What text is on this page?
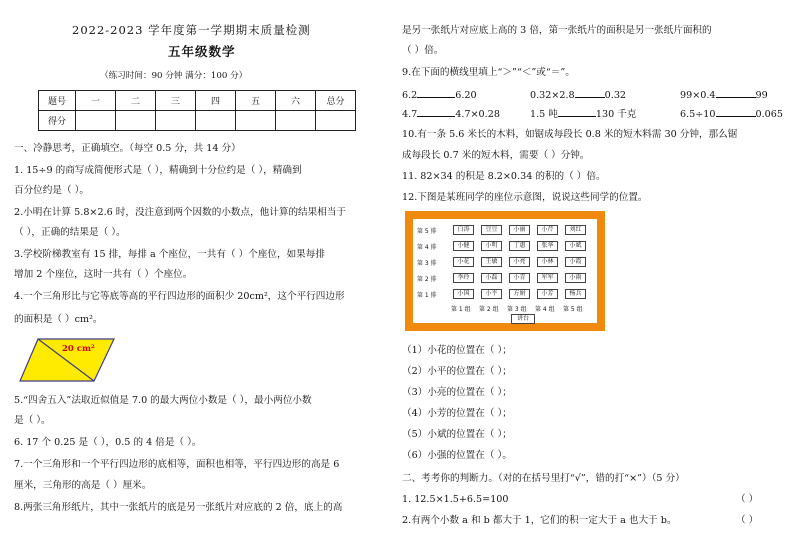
2022-2023 学年度第一学期期末质量检测
五年级数学
（练习时间：90 分钟 满分：100 分）
题号	一	二	三	四	五	六	总分
得分							
一、冷静思考，正确填空。（每空 0.5 分，共 14 分）
1. 15÷9 的商写成简便形式是（ ），精确到十分位约是（ ），精确到
百分位约是（ ）。
2.小明在计算 5.8×2.6 时，没注意到两个因数的小数点，他计算的结果相当于
（ ），正确的结果是（ ）。
3.学校阶梯教室有 15 排，每排 a 个座位，一共有（ ）个座位，如果每排
增加 2 个座位，这时一共有（ ）个座位。
4.一个三角形比与它等底等高的平行四边形的面积少 20cm²，这个平行四边形
的面积是（ ）cm²。
20 cm²
5.“四舍五入”法取近似值是 7.0 的最大两位小数是（ ），最小两位小数
是（ ）。
6. 17 个 0.25 是（ ），0.5 的 4 倍是（ ）。
7.一个三角形和一个平行四边形的底相等，面积也相等，平行四边形的高是 6
厘米，三角形的高是（ ）厘米。
8.两张三角形纸片，其中一张纸片的底是另一张纸片对应底的 2 倍，底上的高
是另一张纸片对应底上高的 3 倍，第一张纸片的面积是另一张纸片面积的
（ ）倍。
9.在下面的横线里填上“＞”“＜”或“＝”。
6.2	6.20	0.32×2.8	0.32	99×0.4	99
4.7	4.7×0.28	1.5 吨	130 千克	6.5÷10	0.065
10.有一条 5.6 米长的木料，如锯成每段长 0.8 米的短木料需 30 分钟，那么锯
成每段长 0.7 米的短木料，需要（ ）分钟。
11. 82×34 的积是 8.2×0.34 的积的（ ）倍。
12.下图是某班同学的座位示意图，说说这些同学的位置。
第 5 排	白涛	豆豆	小丽	小芹	刘红
第 4 排	小健	小明	丁惠	张华	小斌
第 3 排	小花	王敏	小亮	小林	小霞
第 2 排	李玲	小磊	小青	军军	小雨
第 1 排	小国	小平	方娟	小芳	杨兵
第 1 组 第 2 组 第 3 组 第 4 组 第 5 组
讲台
（1）小花的位置在（ ）；
（2）小平的位置在（ ）；
（3）小亮的位置在（ ）；
（4）小芳的位置在（ ）；
（5）小斌的位置在（ ）；
（6）小强的位置在（ ）。
二、考考你的判断力。（对的在括号里打“√”，错的打“×”）（5 分）
1. 12.5×1.5+6.5=100	（ ）
2.有两个小数 a 和 b 都大于 1，它们的积一定大于 a 也大于 b。	（ ）
